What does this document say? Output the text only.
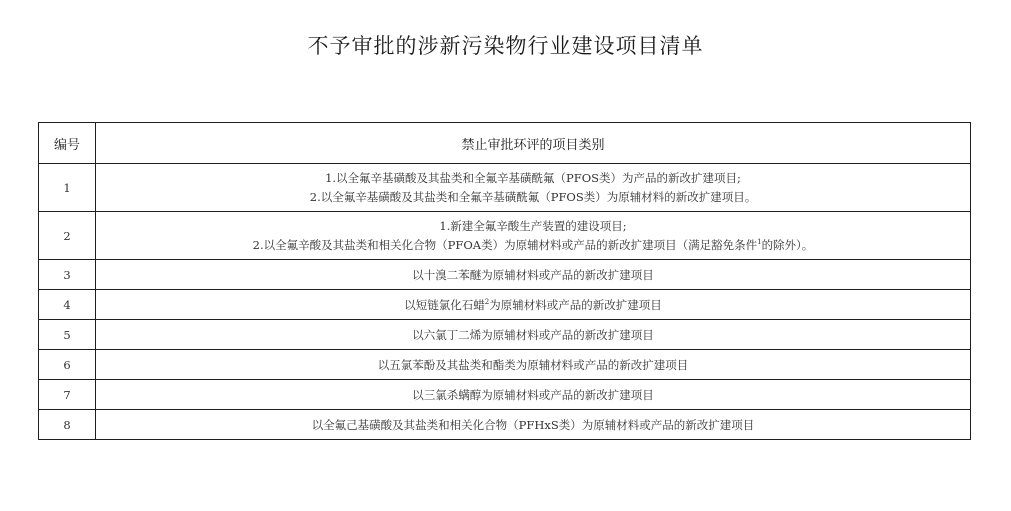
不予审批的涉新污染物行业建设项目清单
编号	禁止审批环评的项目类别
1	1.以全氟辛基磺酸及其盐类和全氟辛基磺酰氟（PFOS类）为产品的新改扩建项目;
2.以全氟辛基磺酸及其盐类和全氟辛基磺酰氟（PFOS类）为原辅材料的新改扩建项目。

2	1.新建全氟辛酸生产装置的建设项目;
2.以全氟辛酸及其盐类和相关化合物（PFOA类）为原辅材料或产品的新改扩建项目（满足豁免条件$^1$的除外）。

3	以十溴二苯醚为原辅材料或产品的新改扩建项目
4	以短链氯化石蜡$^2$为原辅材料或产品的新改扩建项目
5	以六氯丁二烯为原辅材料或产品的新改扩建项目
6	以五氯苯酚及其盐类和酯类为原辅材料或产品的新改扩建项目
7	以三氯杀螨醇为原辅材料或产品的新改扩建项目
8	以全氟己基磺酸及其盐类和相关化合物（PFHxS类）为原辅材料或产品的新改扩建项目
